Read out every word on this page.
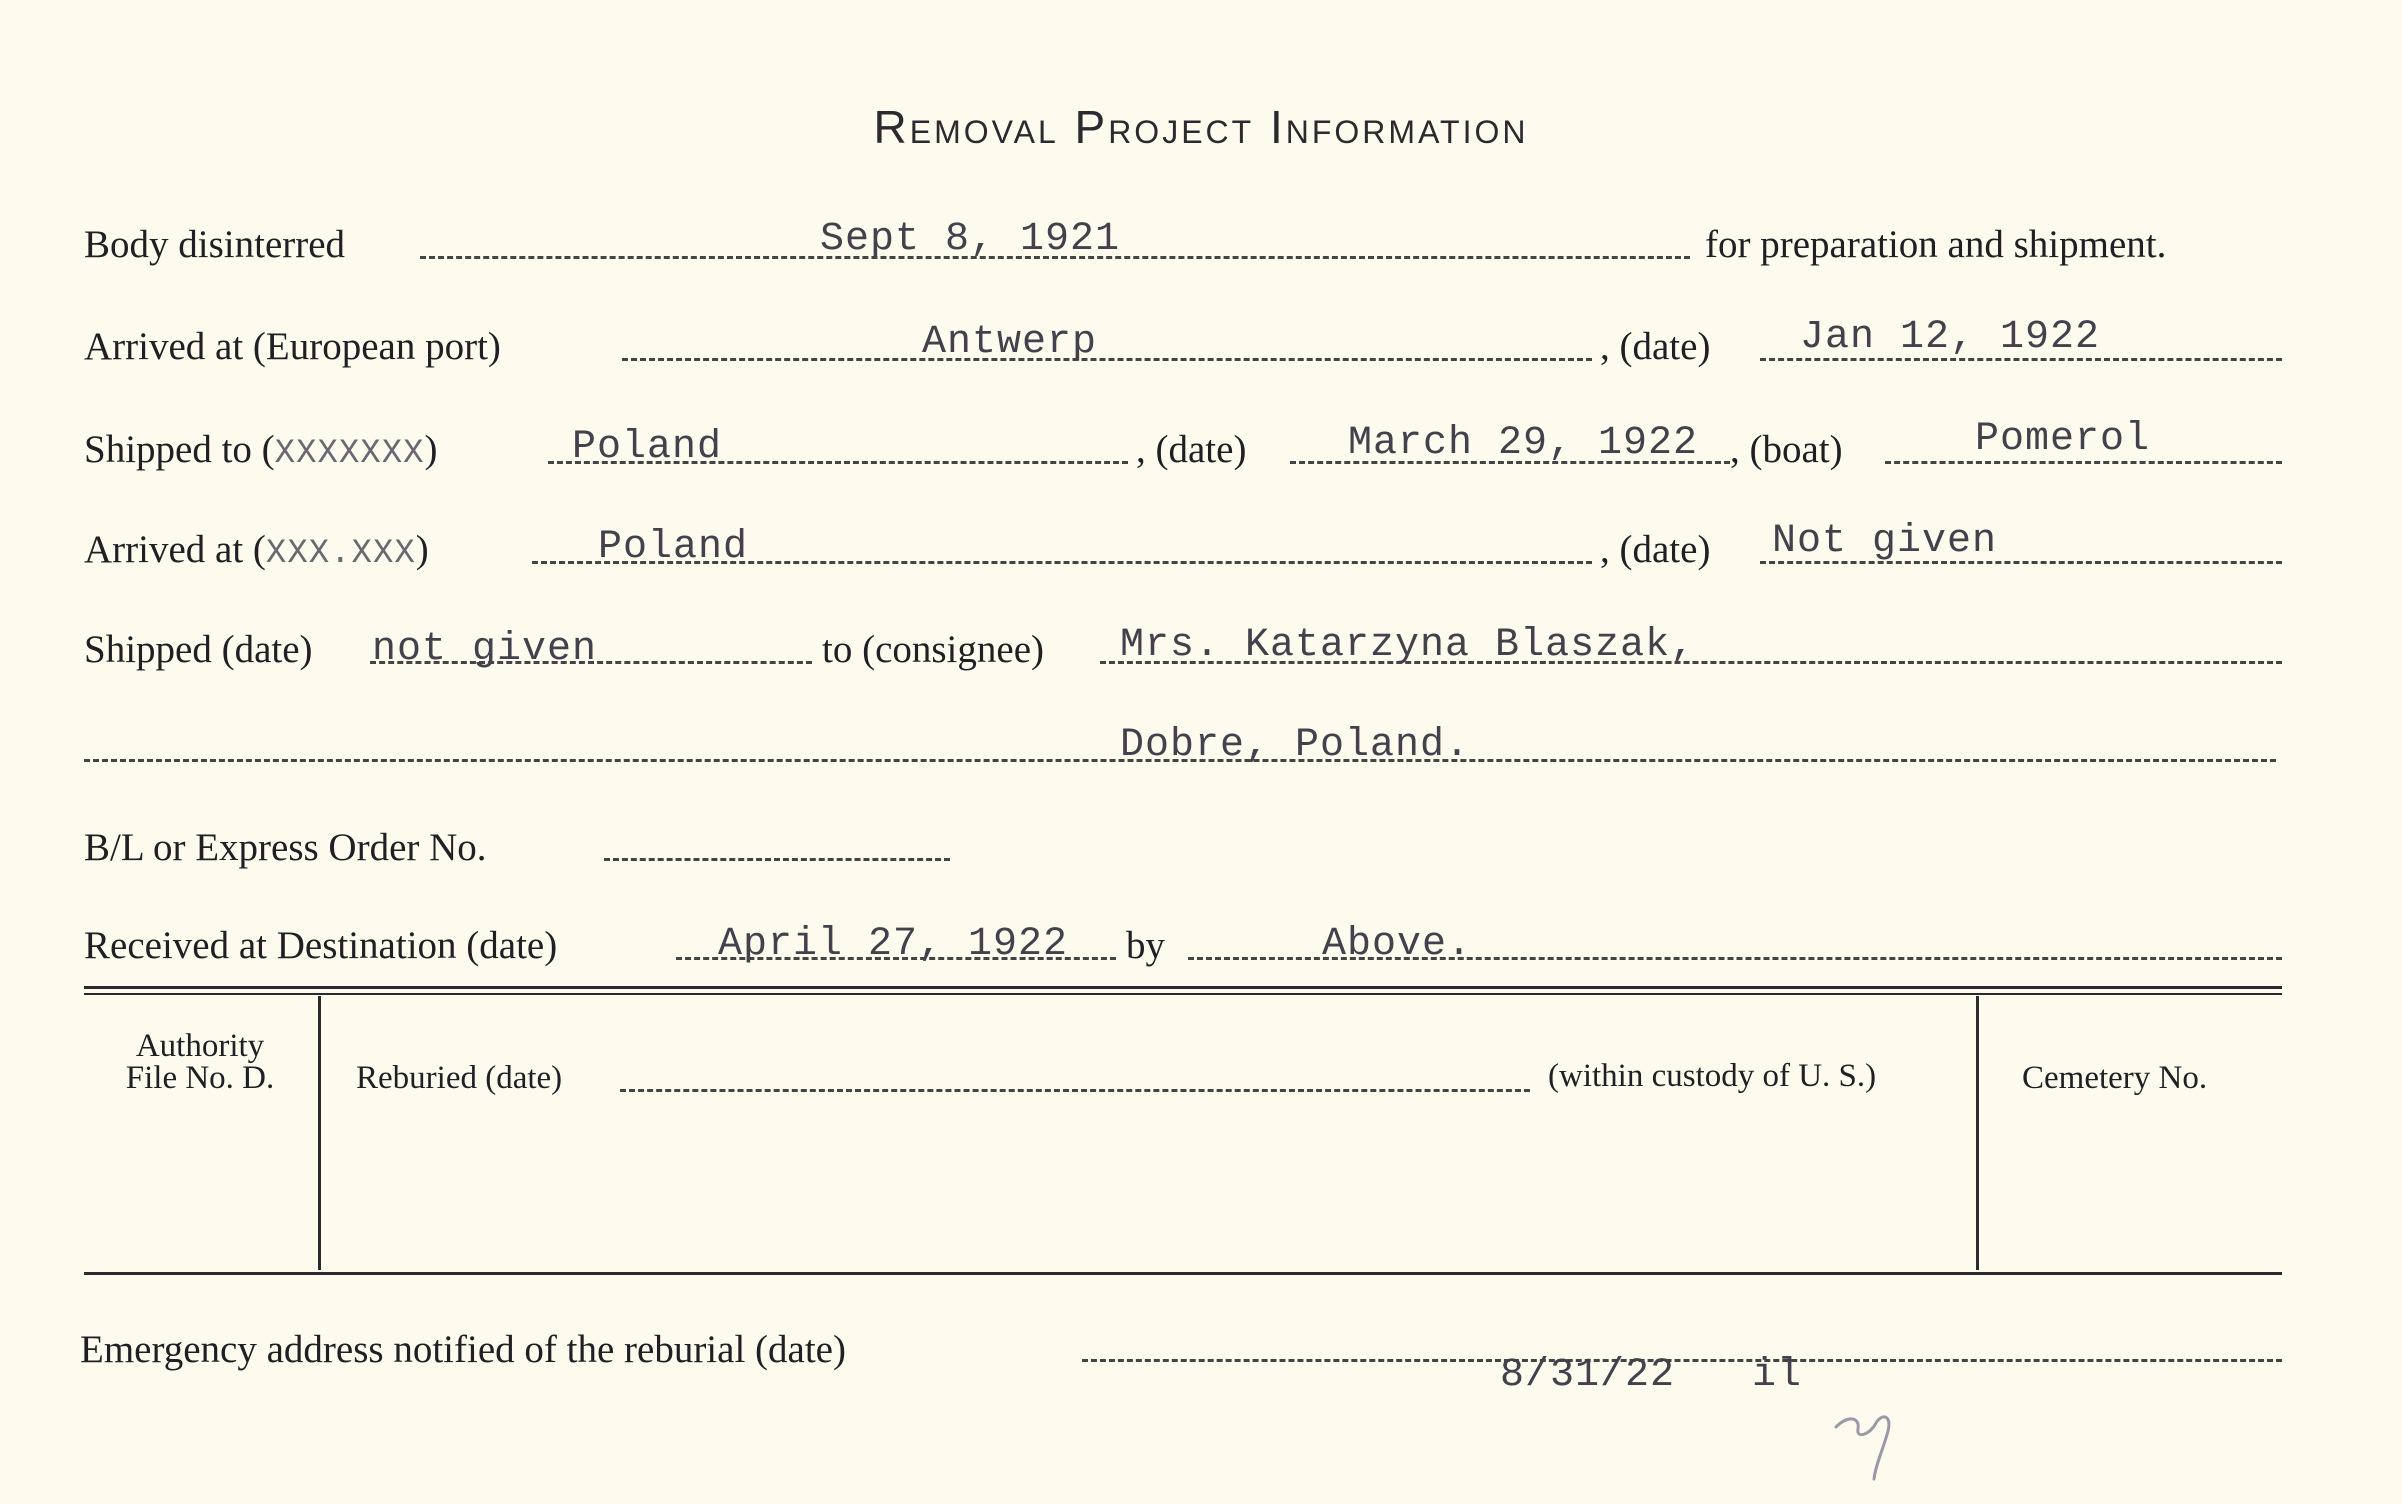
Removal Project Information
Body disinterred	Sept 8, 1921	for preparation and shipment.
Arrived at (European port)	Antwerp	, (date) Jan 12, 1922
Shipped to (XXXXXXX)	Poland	, (date)	March 29, 1922 , (boat)	Pomerol
Arrived at (XXX.XXX)	Poland	, (date) Not given
Shipped (date) not given	to (consignee) Mrs. Katarzyna Blaszak,
Dobre, Poland.
B/L or Express Order No.
Received at Destination (date)	April 27, 1922 by	Above.
Authority
File No. D.	Reburied (date)	(within custody of U. S.)	Cemetery No.
Emergency address notified of the reburial (date)
8/31/22 il
